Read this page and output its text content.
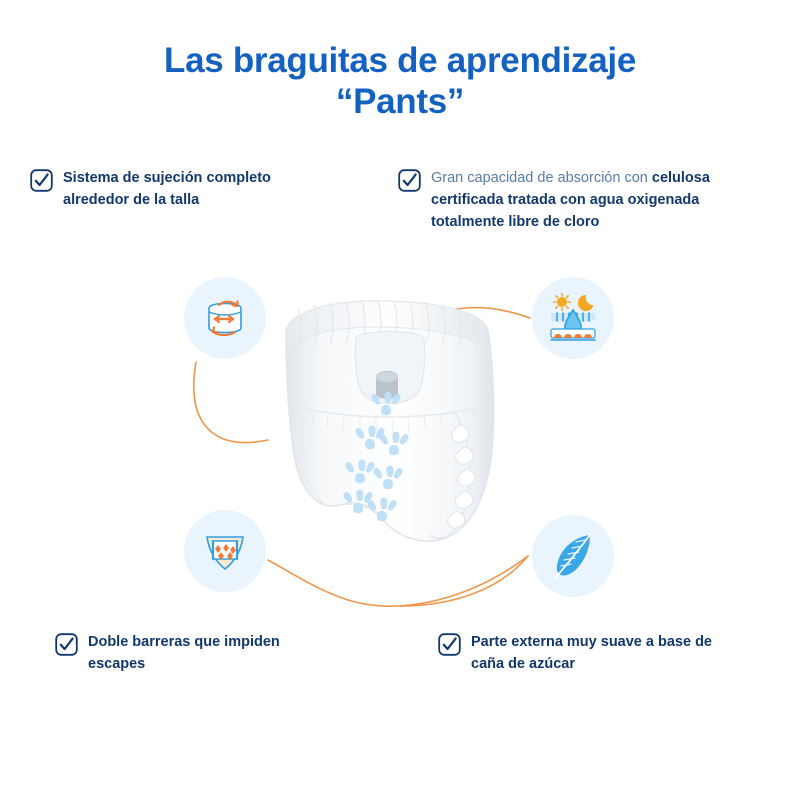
Las braguitas de aprendizaje
“Pants”
Sistema de sujeción completo alrededor de la talla
Gran capacidad de absorción con celulosa certificada tratada con agua oxigenada totalmente libre de cloro
Doble barreras que impiden escapes
Parte externa muy suave a base de caña de azúcar
